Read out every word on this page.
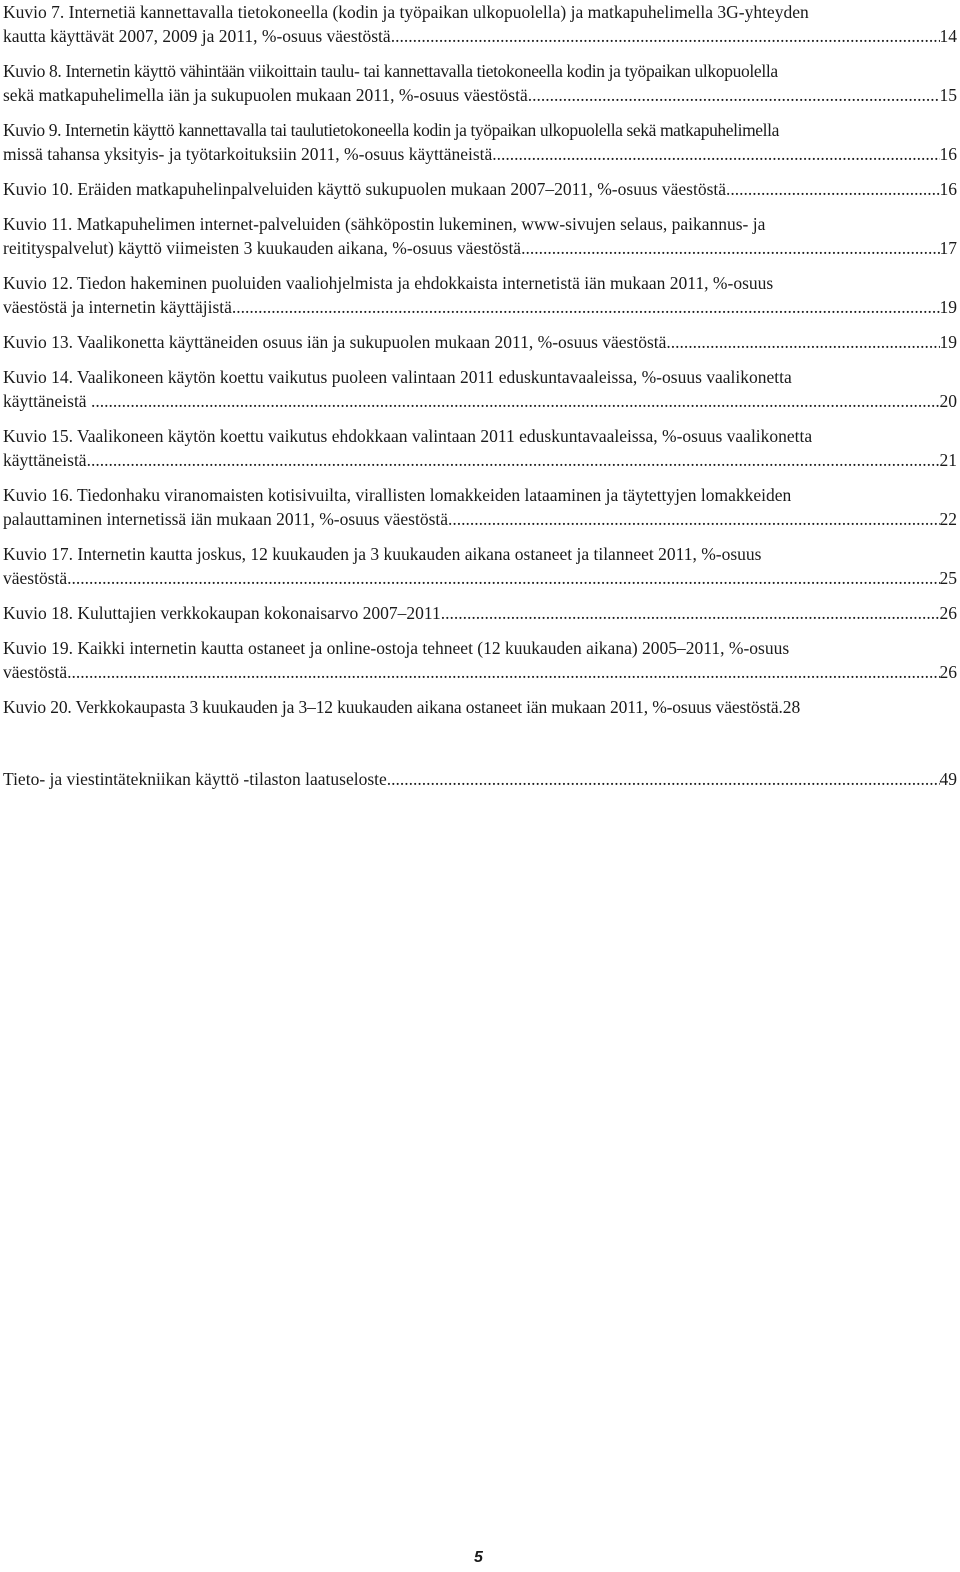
Kuvio 7. Internetiä kannettavalla tietokoneella (kodin ja työpaikan ulkopuolella) ja matkapuhelimella 3G-yhteyden
kautta käyttävät 2007, 2009 ja 2011, %-osuus väestöstä .....	14
Kuvio 8. Internetin käyttö vähintään viikoittain taulu- tai kannettavalla tietokoneella kodin ja työpaikan ulkopuolella
sekä matkapuhelimella iän ja sukupuolen mukaan 2011, %-osuus väestöstä .....	15
Kuvio 9. Internetin käyttö kannettavalla tai taulutietokoneella kodin ja työpaikan ulkopuolella sekä matkapuhelimella
missä tahansa yksityis- ja työtarkoituksiin 2011, %-osuus käyttäneistä .....	16
Kuvio 10. Eräiden matkapuhelinpalveluiden käyttö sukupuolen mukaan 2007–2011, %-osuus väestöstä .....	16
Kuvio 11. Matkapuhelimen internet-palveluiden (sähköpostin lukeminen, www-sivujen selaus, paikannus- ja
reitityspalvelut) käyttö viimeisten 3 kuukauden aikana, %-osuus väestöstä .....	17
Kuvio 12. Tiedon hakeminen puoluiden vaaliohjelmista ja ehdokkaista internetistä iän mukaan 2011, %-osuus
väestöstä ja internetin käyttäjistä .....	19
Kuvio 13. Vaalikonetta käyttäneiden osuus iän ja sukupuolen mukaan 2011, %-osuus väestöstä .....	19
Kuvio 14. Vaalikoneen käytön koettu vaikutus puoleen valintaan 2011 eduskuntavaaleissa, %-osuus vaalikonetta
käyttäneistä .....	20
Kuvio 15. Vaalikoneen käytön koettu vaikutus ehdokkaan valintaan 2011 eduskuntavaaleissa, %-osuus vaalikonetta
käyttäneistä .....	21
Kuvio 16. Tiedonhaku viranomaisten kotisivuilta, virallisten lomakkeiden lataaminen ja täytettyjen lomakkeiden
palauttaminen internetissä iän mukaan 2011, %-osuus väestöstä .....	22
Kuvio 17. Internetin kautta joskus, 12 kuukauden ja 3 kuukauden aikana ostaneet ja tilanneet 2011, %-osuus
väestöstä .....	25
Kuvio 18. Kuluttajien verkkokaupan kokonaisarvo 2007–2011 .....	26
Kuvio 19. Kaikki internetin kautta ostaneet ja online-ostoja tehneet (12 kuukauden aikana) 2005–2011, %-osuus
väestöstä .....	26
Kuvio 20. Verkkokaupasta 3 kuukauden ja 3–12 kuukauden aikana ostaneet iän mukaan 2011, %-osuus väestöstä. 28
Tieto- ja viestintätekniikan käyttö -tilaston laatuseloste .....	49
5
